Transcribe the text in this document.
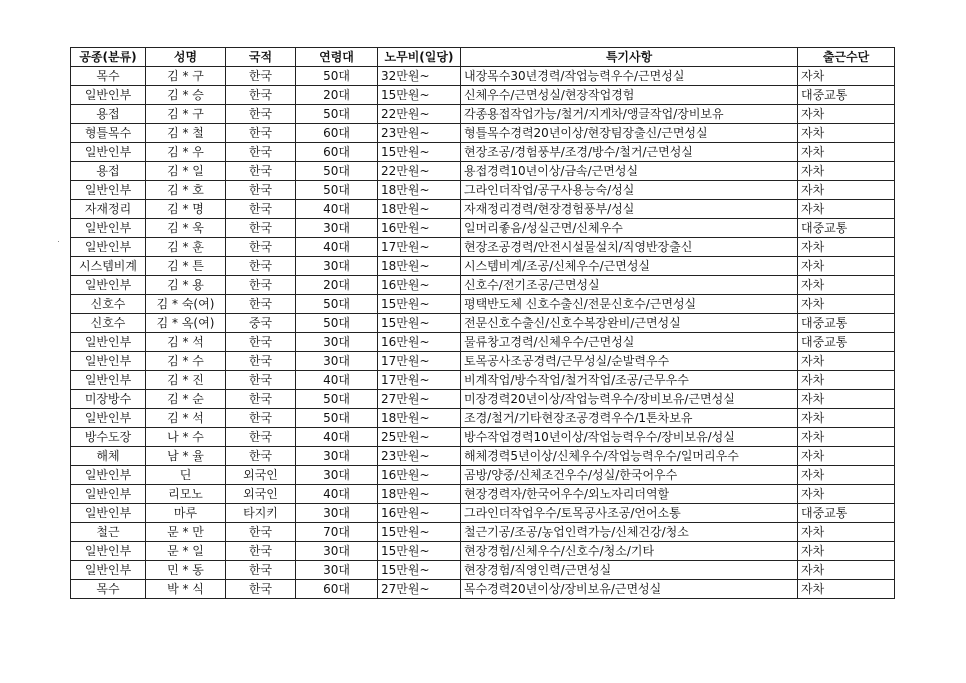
공종(분류)	성명	국적	연령대	노무비(일당)	특기사항	출근수단
목수	김 * 구	한국	50대	32만원~	내장목수30년경력/작업능력우수/근면성실	자차
일반인부	김 * 승	한국	20대	15만원~	신체우수/근면성실/현장작업경험	대중교통
용접	김 * 구	한국	50대	22만원~	각종용접작업가능/철거/지게차/앵글작업/장비보유	자차
형틀목수	김 * 철	한국	60대	23만원~	형틀목수경력20년이상/현장팀장출신/근면성실	자차
일반인부	김 * 우	한국	60대	15만원~	현장조공/경험풍부/조경/방수/철거/근면성실	자차
용접	김 * 일	한국	50대	22만원~	용접경력10년이상/금속/근면성실	자차
일반인부	김 * 호	한국	50대	18만원~	그라인더작업/공구사용능숙/성실	자차
자재정리	김 * 명	한국	40대	18만원~	자재정리경력/현장경험풍부/성실	자차
일반인부	김 * 욱	한국	30대	16만원~	일머리좋음/성실근면/신체우수	대중교통
일반인부	김 * 훈	한국	40대	17만원~	현장조공경력/안전시설물설치/직영반장출신	자차
시스템비계	김 * 튼	한국	30대	18만원~	시스템비계/조공/신체우수/근면성실	자차
일반인부	김 * 용	한국	20대	16만원~	신호수/전기조공/근면성실	자차
신호수	김 * 숙(여)	한국	50대	15만원~	평택반도체 신호수출신/전문신호수/근면성실	자차
신호수	김 * 옥(여)	중국	50대	15만원~	전문신호수출신/신호수복장완비/근면성실	대중교통
일반인부	김 * 석	한국	30대	16만원~	물류창고경력/신체우수/근면성실	대중교통
일반인부	김 * 수	한국	30대	17만원~	토목공사조공경력/근무성실/순발력우수	자차
일반인부	김 * 진	한국	40대	17만원~	비계작업/방수작업/철거작업/조공/근무우수	자차
미장방수	김 * 순	한국	50대	27만원~	미장경력20년이상/작업능력우수/장비보유/근면성실	자차
일반인부	김 * 석	한국	50대	18만원~	조경/철거/기타현장조공경력우수/1톤차보유	자차
방수도장	나 * 수	한국	40대	25만원~	방수작업경력10년이상/작업능력우수/장비보유/성실	자차
해체	남 * 율	한국	30대	23만원~	해체경력5년이상/신체우수/작업능력우수/일머리우수	자차
일반인부	딘	외국인	30대	16만원~	곰방/양중/신체조건우수/성실/한국어우수	자차
일반인부	리모노	외국인	40대	18만원~	현장경력자/한국어우수/외노자리더역할	자차
일반인부	마루	타지키	30대	16만원~	그라인더작업우수/토목공사조공/언어소통	대중교통
철근	문 * 만	한국	70대	15만원~	철근기공/조공/농업인력가능/신체건강/청소	자차
일반인부	문 * 일	한국	30대	15만원~	현장경험/신체우수/신호수/청소/기타	자차
일반인부	민 * 동	한국	30대	15만원~	현장경험/직영인력/근면성실	자차
목수	박 * 식	한국	60대	27만원~	목수경력20년이상/장비보유/근면성실	자차
